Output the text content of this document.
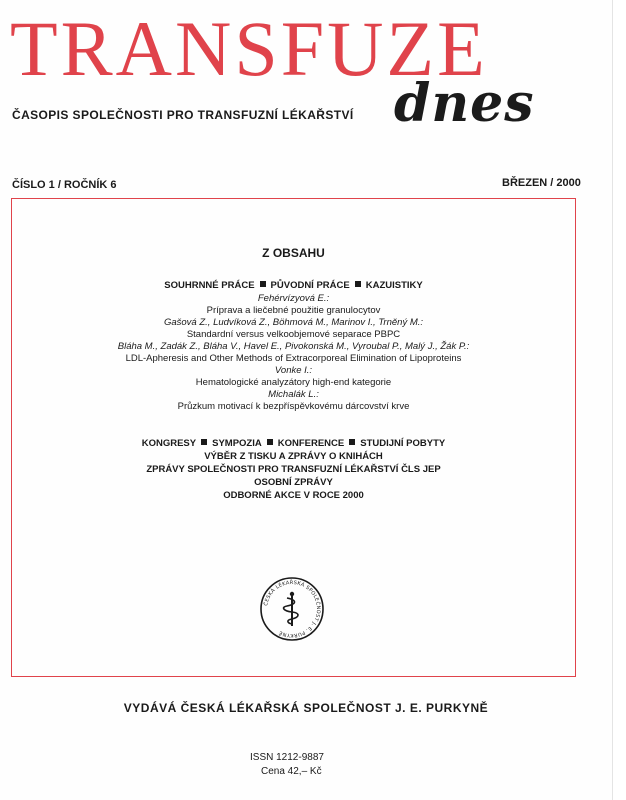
TRANSFUZE
dnes
ČASOPIS SPOLEČNOSTI PRO TRANSFUZNÍ LÉKAŘSTVÍ
ČÍSLO 1 / ROČNÍK 6	BŘEZEN / 2000
Z OBSAHU
SOUHRNNÉ PRÁCE PŮVODNÍ PRÁCE KAZUISTIKY
Fehérvízyová E.:
Príprava a liečebné použitie granulocytov
Gašová Z., Ludvíková Z., Böhmová M., Marinov I., Trnĕný M.:
Standardní versus velkoobjemové separace PBPC
Bláha M., Zadák Z., Bláha V., Havel E., Pivokonská M., Vyroubal P., Malý J., Žák P.:
LDL-Apheresis and Other Methods of Extracorporeal Elimination of Lipoproteins
Vonke I.:
Hematologické analyzátory high-end kategorie
Michalák L.:
Průzkum motivací k bezpříspěvkovému dárcovství krve
KONGRESY SYMPOZIA KONFERENCE STUDIJNÍ POBYTY
VÝBĚR Z TISKU A ZPRÁVY O KNIHÁCH
ZPRÁVY SPOLEČNOSTI PRO TRANSFUZNÍ LÉKAŘSTVÍ ČLS JEP
OSOBNÍ ZPRÁVY
ODBORNÉ AKCE V ROCE 2000
ČESKÁ LÉKAŘSKÁ SPOLEČNOST J. E. PURKYNĚ
VYDÁVÁ ČESKÁ LÉKAŘSKÁ SPOLEČNOST J. E. PURKYNĚ
ISSN 1212-9887
Cena 42,– Kč
